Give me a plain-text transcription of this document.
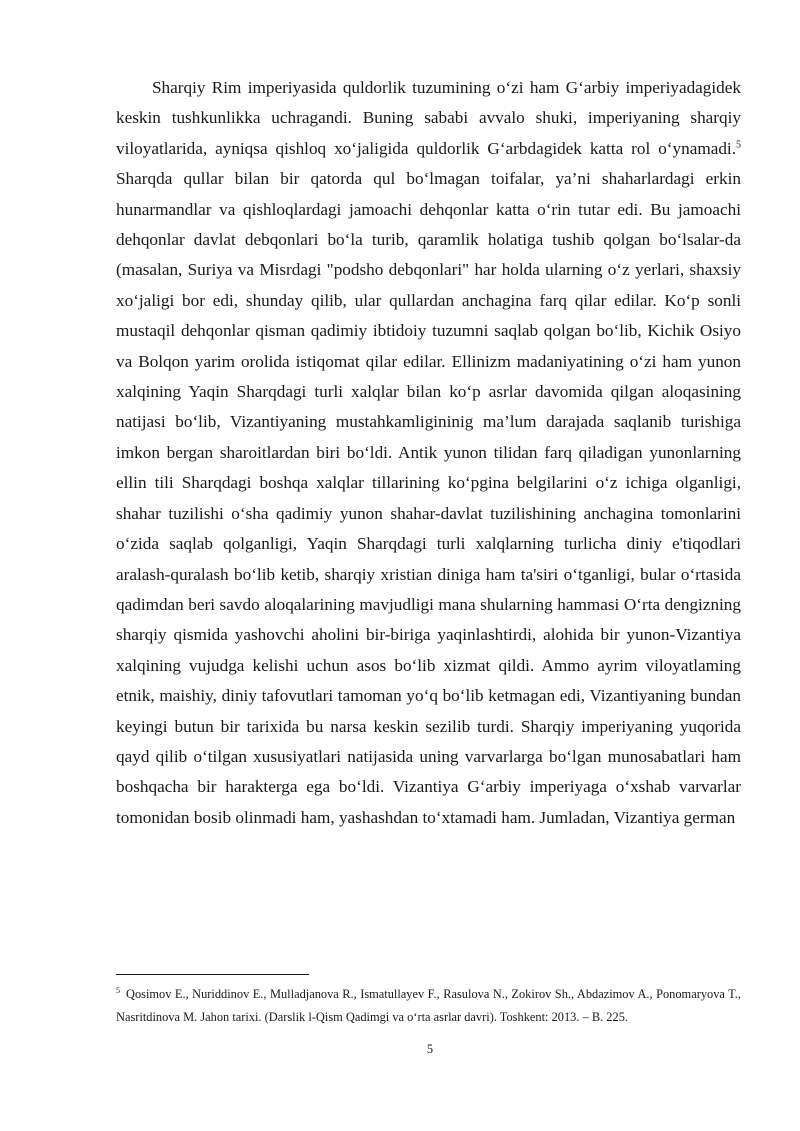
Sharqiy Rim imperiyasida quldorlik tuzumining o‘zi ham G‘arbiy imperiyadagidek keskin tushkunlikka uchragandi. Buning sababi avvalo shuki, imperiyaning sharqiy viloyatlarida, ayniqsa qishloq xo‘jaligida quldorlik G‘arbdagidek katta rol o‘ynamadi.$^5$ Sharqda qullar bilan bir qatorda qul bo‘lmagan toifalar, ya’ni shaharlardagi erkin hunarmandlar va qishloqlardagi jamoachi dehqonlar katta o‘rin tutar edi. Bu jamoachi dehqonlar davlat debqonlari bo‘la turib, qaramlik holatiga tushib qolgan bo‘lsalar-da (masalan, Suriya va Misrdagi "podsho debqonlari" har holda ularning o‘z yerlari, shaxsiy xo‘jaligi bor edi, shunday qilib, ular qullardan anchagina farq qilar edilar. Ko‘p sonli mustaqil dehqonlar qisman qadimiy ibtidoiy tuzumni saqlab qolgan bo‘lib, Kichik Osiyo va Bolqon yarim orolida istiqomat qilar edilar. Ellinizm madaniyatining o‘zi ham yunon xalqining Yaqin Sharqdagi turli xalqlar bilan ko‘p asrlar davomida qilgan aloqasining natijasi bo‘lib, Vizantiyaning mustahkamligininig ma’lum darajada saqlanib turishiga imkon bergan sharoitlardan biri bo‘ldi. Antik yunon tilidan farq qiladigan yunonlarning ellin tili Sharqdagi boshqa xalqlar tillarining ko‘pgina belgilarini o‘z ichiga olganligi, shahar tuzilishi o‘sha qadimiy yunon shahar-davlat tuzilishining anchagina tomonlarini o‘zida saqlab qolganligi, Yaqin Sharqdagi turli xalqlarning turlicha diniy e'tiqodlari aralash-quralash bo‘lib ketib, sharqiy xristian diniga ham ta'siri o‘tganligi, bular o‘rtasida qadimdan beri savdo aloqalarining mavjudligi mana shularning hammasi O‘rta dengizning sharqiy qismida yashovchi aholini bir-biriga yaqinlashtirdi, alohida bir yunon-Vizantiya xalqining vujudga kelishi uchun asos bo‘lib xizmat qildi. Ammo ayrim viloyatlaming etnik, maishiy, diniy tafovutlari tamoman yo‘q bo‘lib ketmagan edi, Vizantiyaning bundan keyingi butun bir tarixida bu narsa keskin sezilib turdi. Sharqiy imperiyaning yuqorida qayd qilib o‘tilgan xususiyatlari natijasida uning varvarlarga bo‘lgan munosabatlari ham boshqacha bir harakterga ega bo‘ldi. Vizantiya G‘arbiy imperiyaga o‘xshab varvarlar tomonidan bosib olinmadi ham, yashashdan to‘xtamadi ham. Jumladan, Vizantiya german

$^5$ Qosimov E., Nuriddinov E., Mulladjanova R., Ismatullayev F., Rasulova N., Zokirov Sh., Abdazimov A., Ponomaryova T., Nasritdinova M. Jahon tarixi. (Darslik l-Qism Qadimgi va o‘rta asrlar davri). Toshkent: 2013. – B. 225.

5
